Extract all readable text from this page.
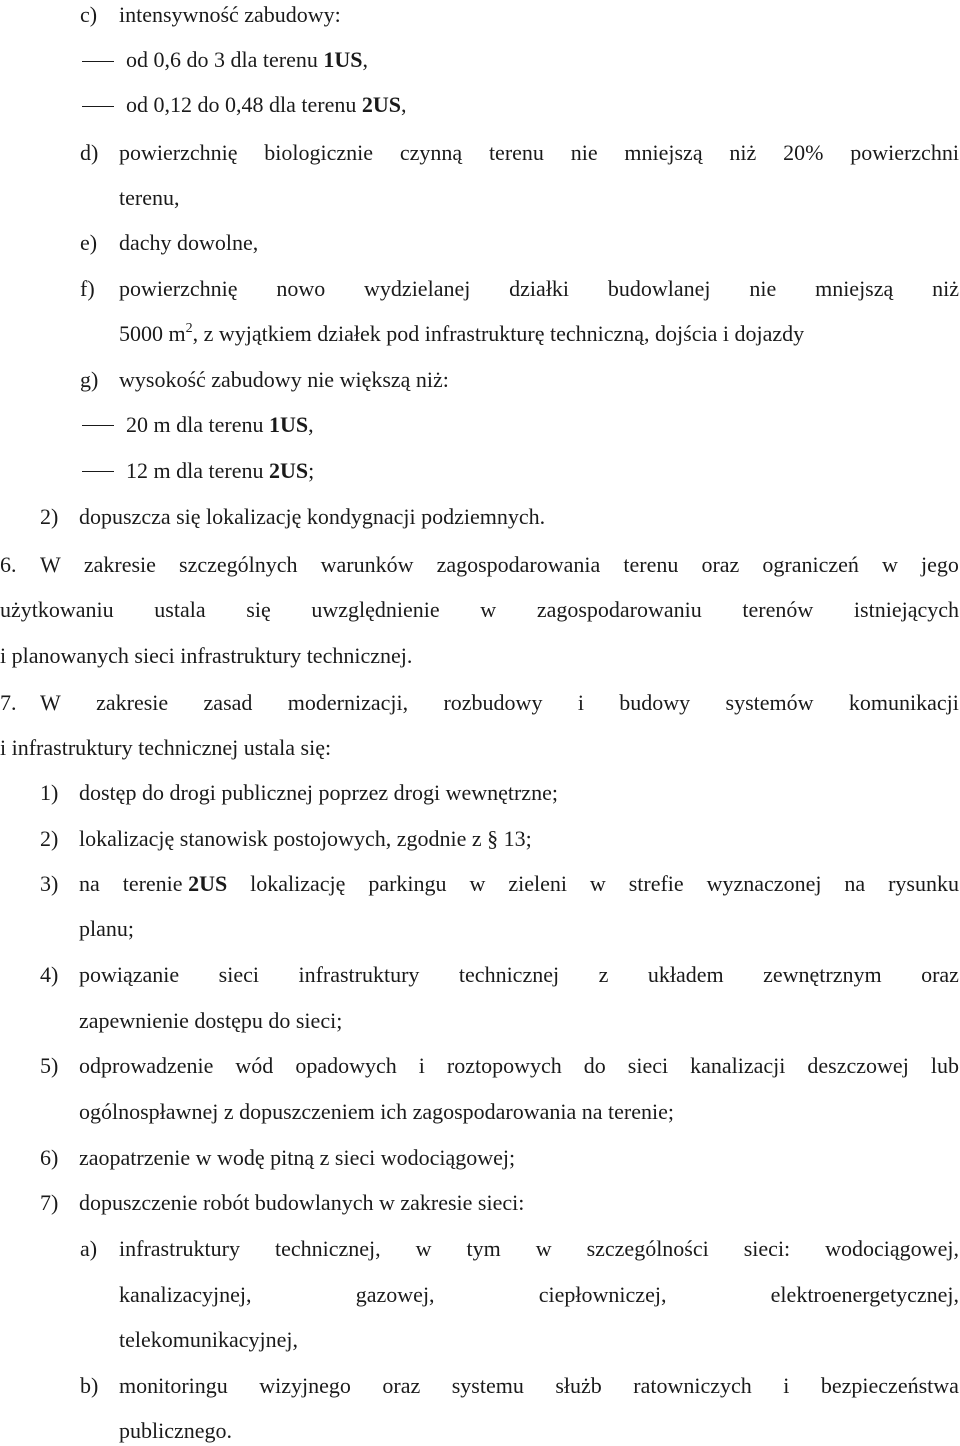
c) intensywność zabudowy:
od 0,6 do 3 dla terenu 1US,
od 0,12 do 0,48 dla terenu 2US,
d) powierzchnię biologicznie czynną terenu nie mniejszą niż 20% powierzchni
terenu,
e) dachy dowolne,
f) powierzchnię nowo wydzielanej działki budowlanej nie mniejszą niż
5000 $m^2$, z wyjątkiem działek pod infrastrukturę techniczną, dojścia i dojazdy
g) wysokość zabudowy nie większą niż:
20 m dla terenu 1US,
12 m dla terenu 2US;
2) dopuszcza się lokalizację kondygnacji podziemnych.
6. W zakresie szczególnych warunków zagospodarowania terenu oraz ograniczeń w jego
użytkowaniu ustala się uwzględnienie w zagospodarowaniu terenów istniejących
i planowanych sieci infrastruktury technicznej.
7. W zakresie zasad modernizacji, rozbudowy i budowy systemów komunikacji
i infrastruktury technicznej ustala się:
1) dostęp do drogi publicznej poprzez drogi wewnętrzne;
2) lokalizację stanowisk postojowych, zgodnie z § 13;
3) na terenie 2US lokalizację parkingu w zieleni w strefie wyznaczonej na rysunku
planu;
4) powiązanie sieci infrastruktury technicznej z układem zewnętrznym oraz
zapewnienie dostępu do sieci;
5) odprowadzenie wód opadowych i roztopowych do sieci kanalizacji deszczowej lub
ogólnospławnej z dopuszczeniem ich zagospodarowania na terenie;
6) zaopatrzenie w wodę pitną z sieci wodociągowej;
7) dopuszczenie robót budowlanych w zakresie sieci:
a) infrastruktury technicznej, w tym w szczególności sieci: wodociągowej,
kanalizacyjnej,	gazowej,	ciepłowniczej,	elektroenergetycznej,
telekomunikacyjnej,
b) monitoringu wizyjnego oraz systemu służb ratowniczych i bezpieczeństwa
publicznego.
